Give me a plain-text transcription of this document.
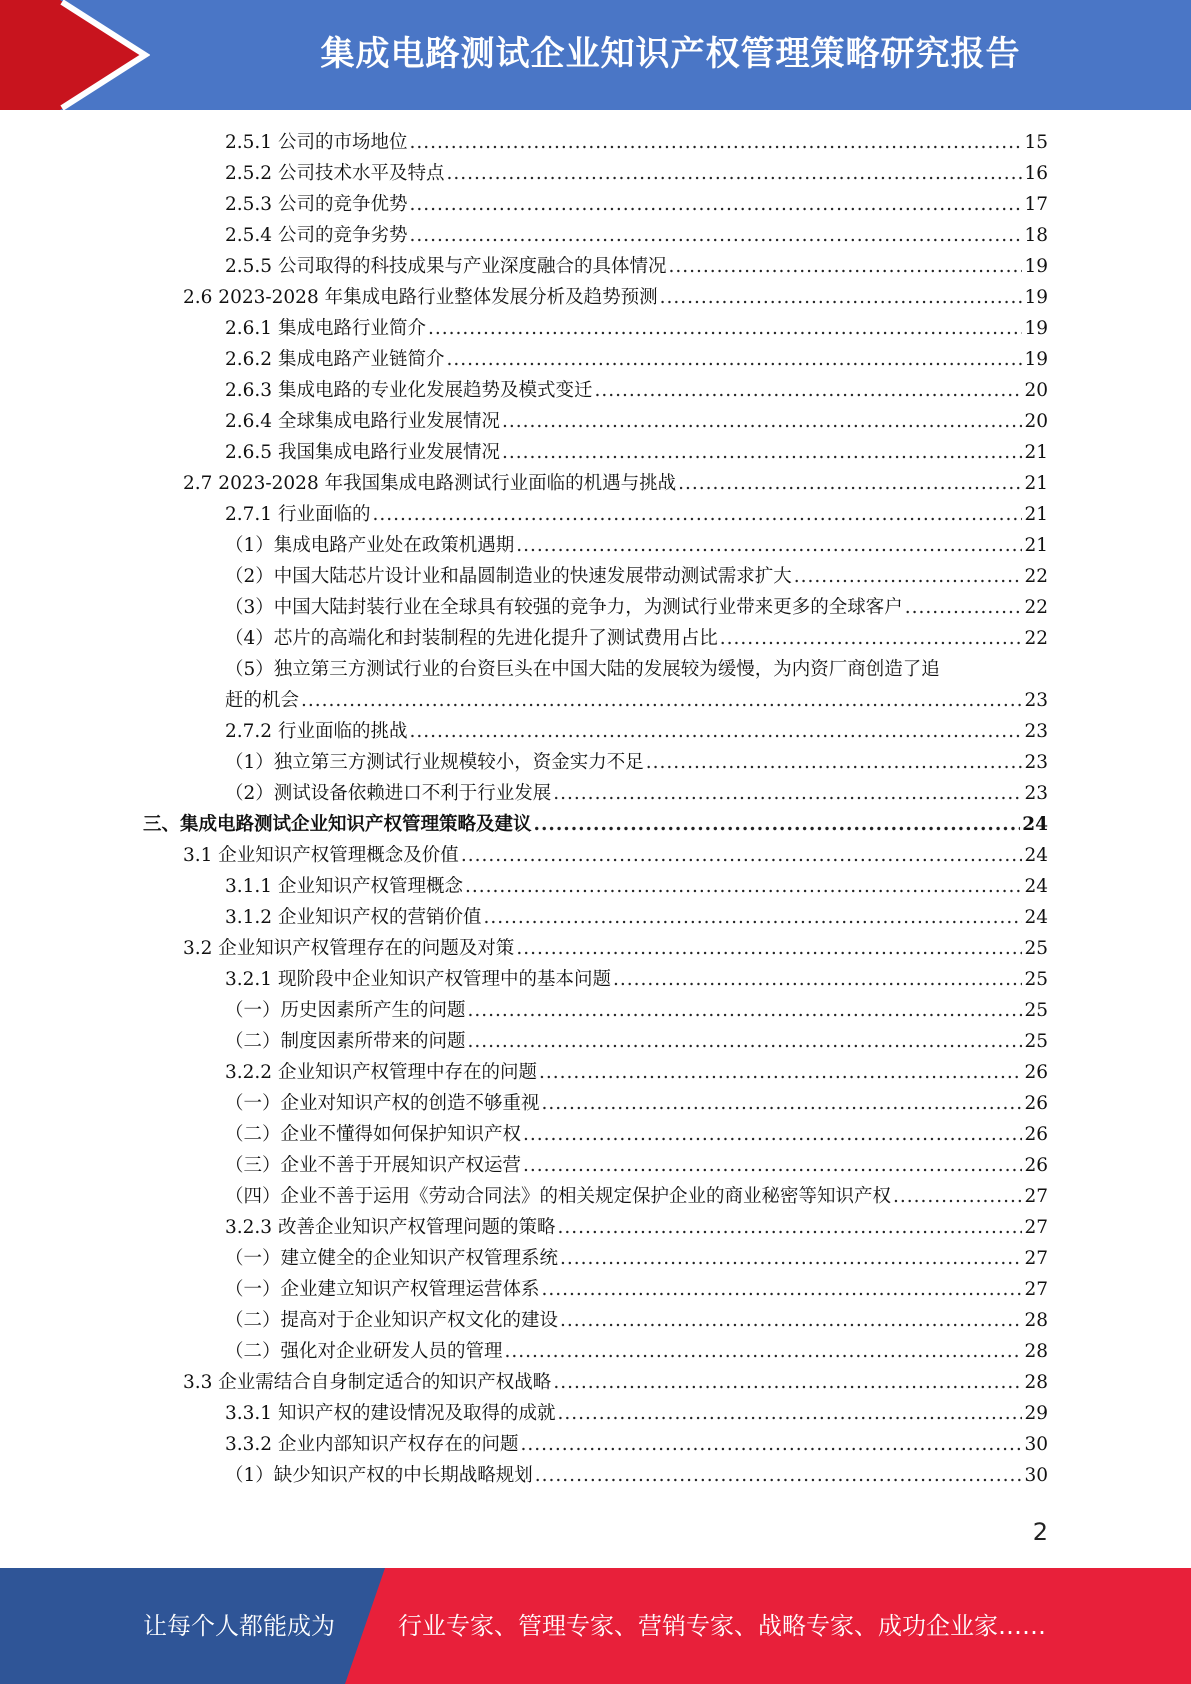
集成电路测试企业知识产权管理策略研究报告
2.5.1 公司的市场地位 .....	15
2.5.2 公司技术水平及特点 .....	16
2.5.3 公司的竞争优势 .....	17
2.5.4 公司的竞争劣势 .....	18
2.5.5 公司取得的科技成果与产业深度融合的具体情况 .....	19
2.6 2023-2028 年集成电路行业整体发展分析及趋势预测 .....	19
2.6.1 集成电路行业简介 .....	19
2.6.2 集成电路产业链简介 .....	19
2.6.3 集成电路的专业化发展趋势及模式变迁 .....	20
2.6.4 全球集成电路行业发展情况 .....	20
2.6.5 我国集成电路行业发展情况 .....	21
2.7 2023-2028 年我国集成电路测试行业面临的机遇与挑战 .....	21
2.7.1 行业面临的 .....	21
（1）集成电路产业处在政策机遇期 .....	21
（2）中国大陆芯片设计业和晶圆制造业的快速发展带动测试需求扩大 .....	22
（3）中国大陆封装行业在全球具有较强的竞争力，为测试行业带来更多的全球客户 .....	22
（4）芯片的高端化和封装制程的先进化提升了测试费用占比 .....	22
（5）独立第三方测试行业的台资巨头在中国大陆的发展较为缓慢，为内资厂商创造了追
赶的机会 .....	23
2.7.2 行业面临的挑战 .....	23
（1）独立第三方测试行业规模较小，资金实力不足 .....	23
（2）测试设备依赖进口不利于行业发展 .....	23
三、集成电路测试企业知识产权管理策略及建议 .....	24
3.1 企业知识产权管理概念及价值 .....	24
3.1.1 企业知识产权管理概念 .....	24
3.1.2 企业知识产权的营销价值 .....	24
3.2 企业知识产权管理存在的问题及对策 .....	25
3.2.1 现阶段中企业知识产权管理中的基本问题 .....	25
（一）历史因素所产生的问题 .....	25
（二）制度因素所带来的问题 .....	25
3.2.2 企业知识产权管理中存在的问题 .....	26
（一）企业对知识产权的创造不够重视 .....	26
（二）企业不懂得如何保护知识产权 .....	26
（三）企业不善于开展知识产权运营 .....	26
（四）企业不善于运用《劳动合同法》的相关规定保护企业的商业秘密等知识产权 .....	27
3.2.3 改善企业知识产权管理问题的策略 .....	27
（一）建立健全的企业知识产权管理系统 .....	27
（一）企业建立知识产权管理运营体系 .....	27
（二）提高对于企业知识产权文化的建设 .....	28
（二）强化对企业研发人员的管理 .....	28
3.3 企业需结合自身制定适合的知识产权战略 .....	28
3.3.1 知识产权的建设情况及取得的成就 .....	29
3.3.2 企业内部知识产权存在的问题 .....	30
（1）缺少知识产权的中长期战略规划 .....	30
2
让每个人都能成为	行业专家、管理专家、营销专家、战略专家、成功企业家……
